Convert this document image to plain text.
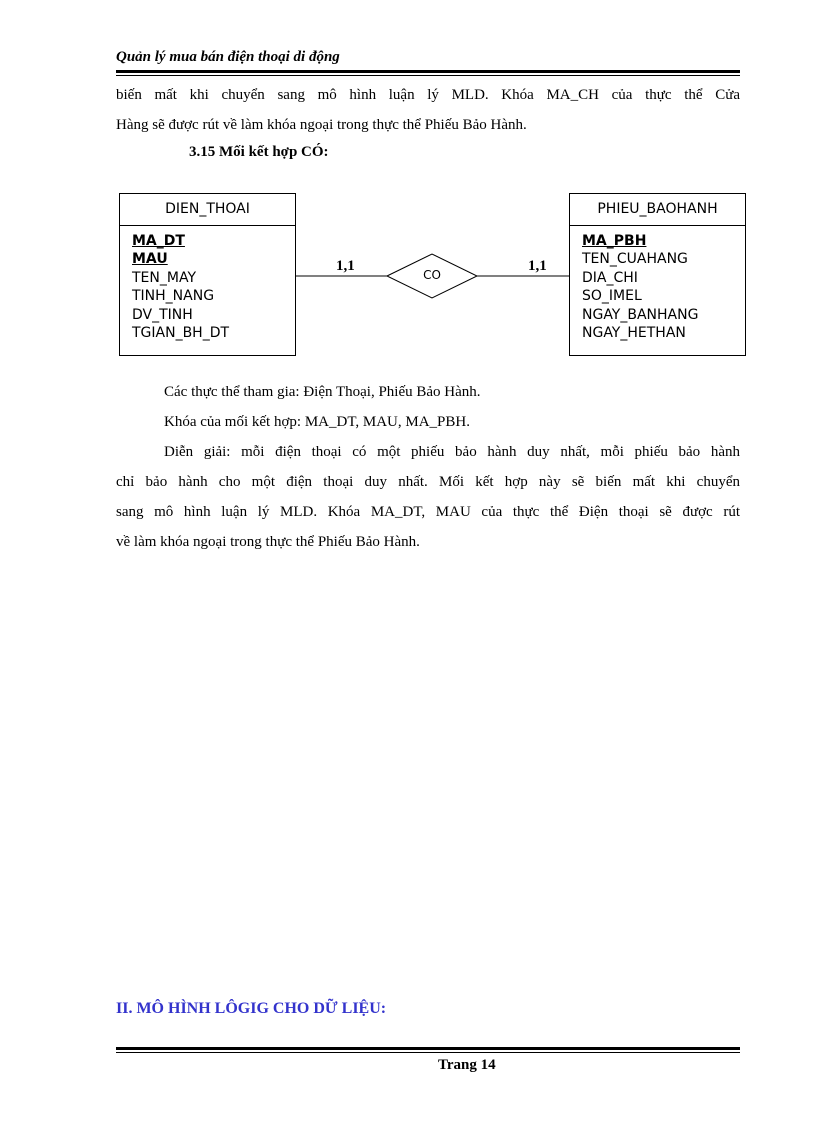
Quản lý mua bán điện thoại di động
biến mất khi chuyển sang mô hình luận lý MLD. Khóa MA_CH của thực thể Cửa

Hàng sẽ được rút về làm khóa ngoại trong thực thể Phiếu Bảo Hành.
3.15 Mối kết hợp CÓ:
CO
1,1	1,1
DIEN_THOAI
MA_DT
MAU
TEN_MAY
TINH_NANG
DV_TINH
TGIAN_BH_DT
PHIEU_BAOHANH
MA_PBH
TEN_CUAHANG
DIA_CHI
SO_IMEL
NGAY_BANHANG
NGAY_HETHAN
Các thực thể tham gia: Điện Thoại, Phiếu Bảo Hành.
Khóa của mối kết hợp: MA_DT, MAU, MA_PBH.
Diễn giải: mỗi điện thoại có một phiếu bảo hành duy nhất, mỗi phiếu bảo hành
chỉ bảo hành cho một điện thoại duy nhất. Mối kết hợp này sẽ biến mất khi chuyển
sang mô hình luận lý MLD. Khóa MA_DT, MAU của thực thể Điện thoại sẽ được rút

về làm khóa ngoại trong thực thể Phiếu Bảo Hành.
II. MÔ HÌNH LÔGIG CHO DỮ LIỆU:
Trang 14
